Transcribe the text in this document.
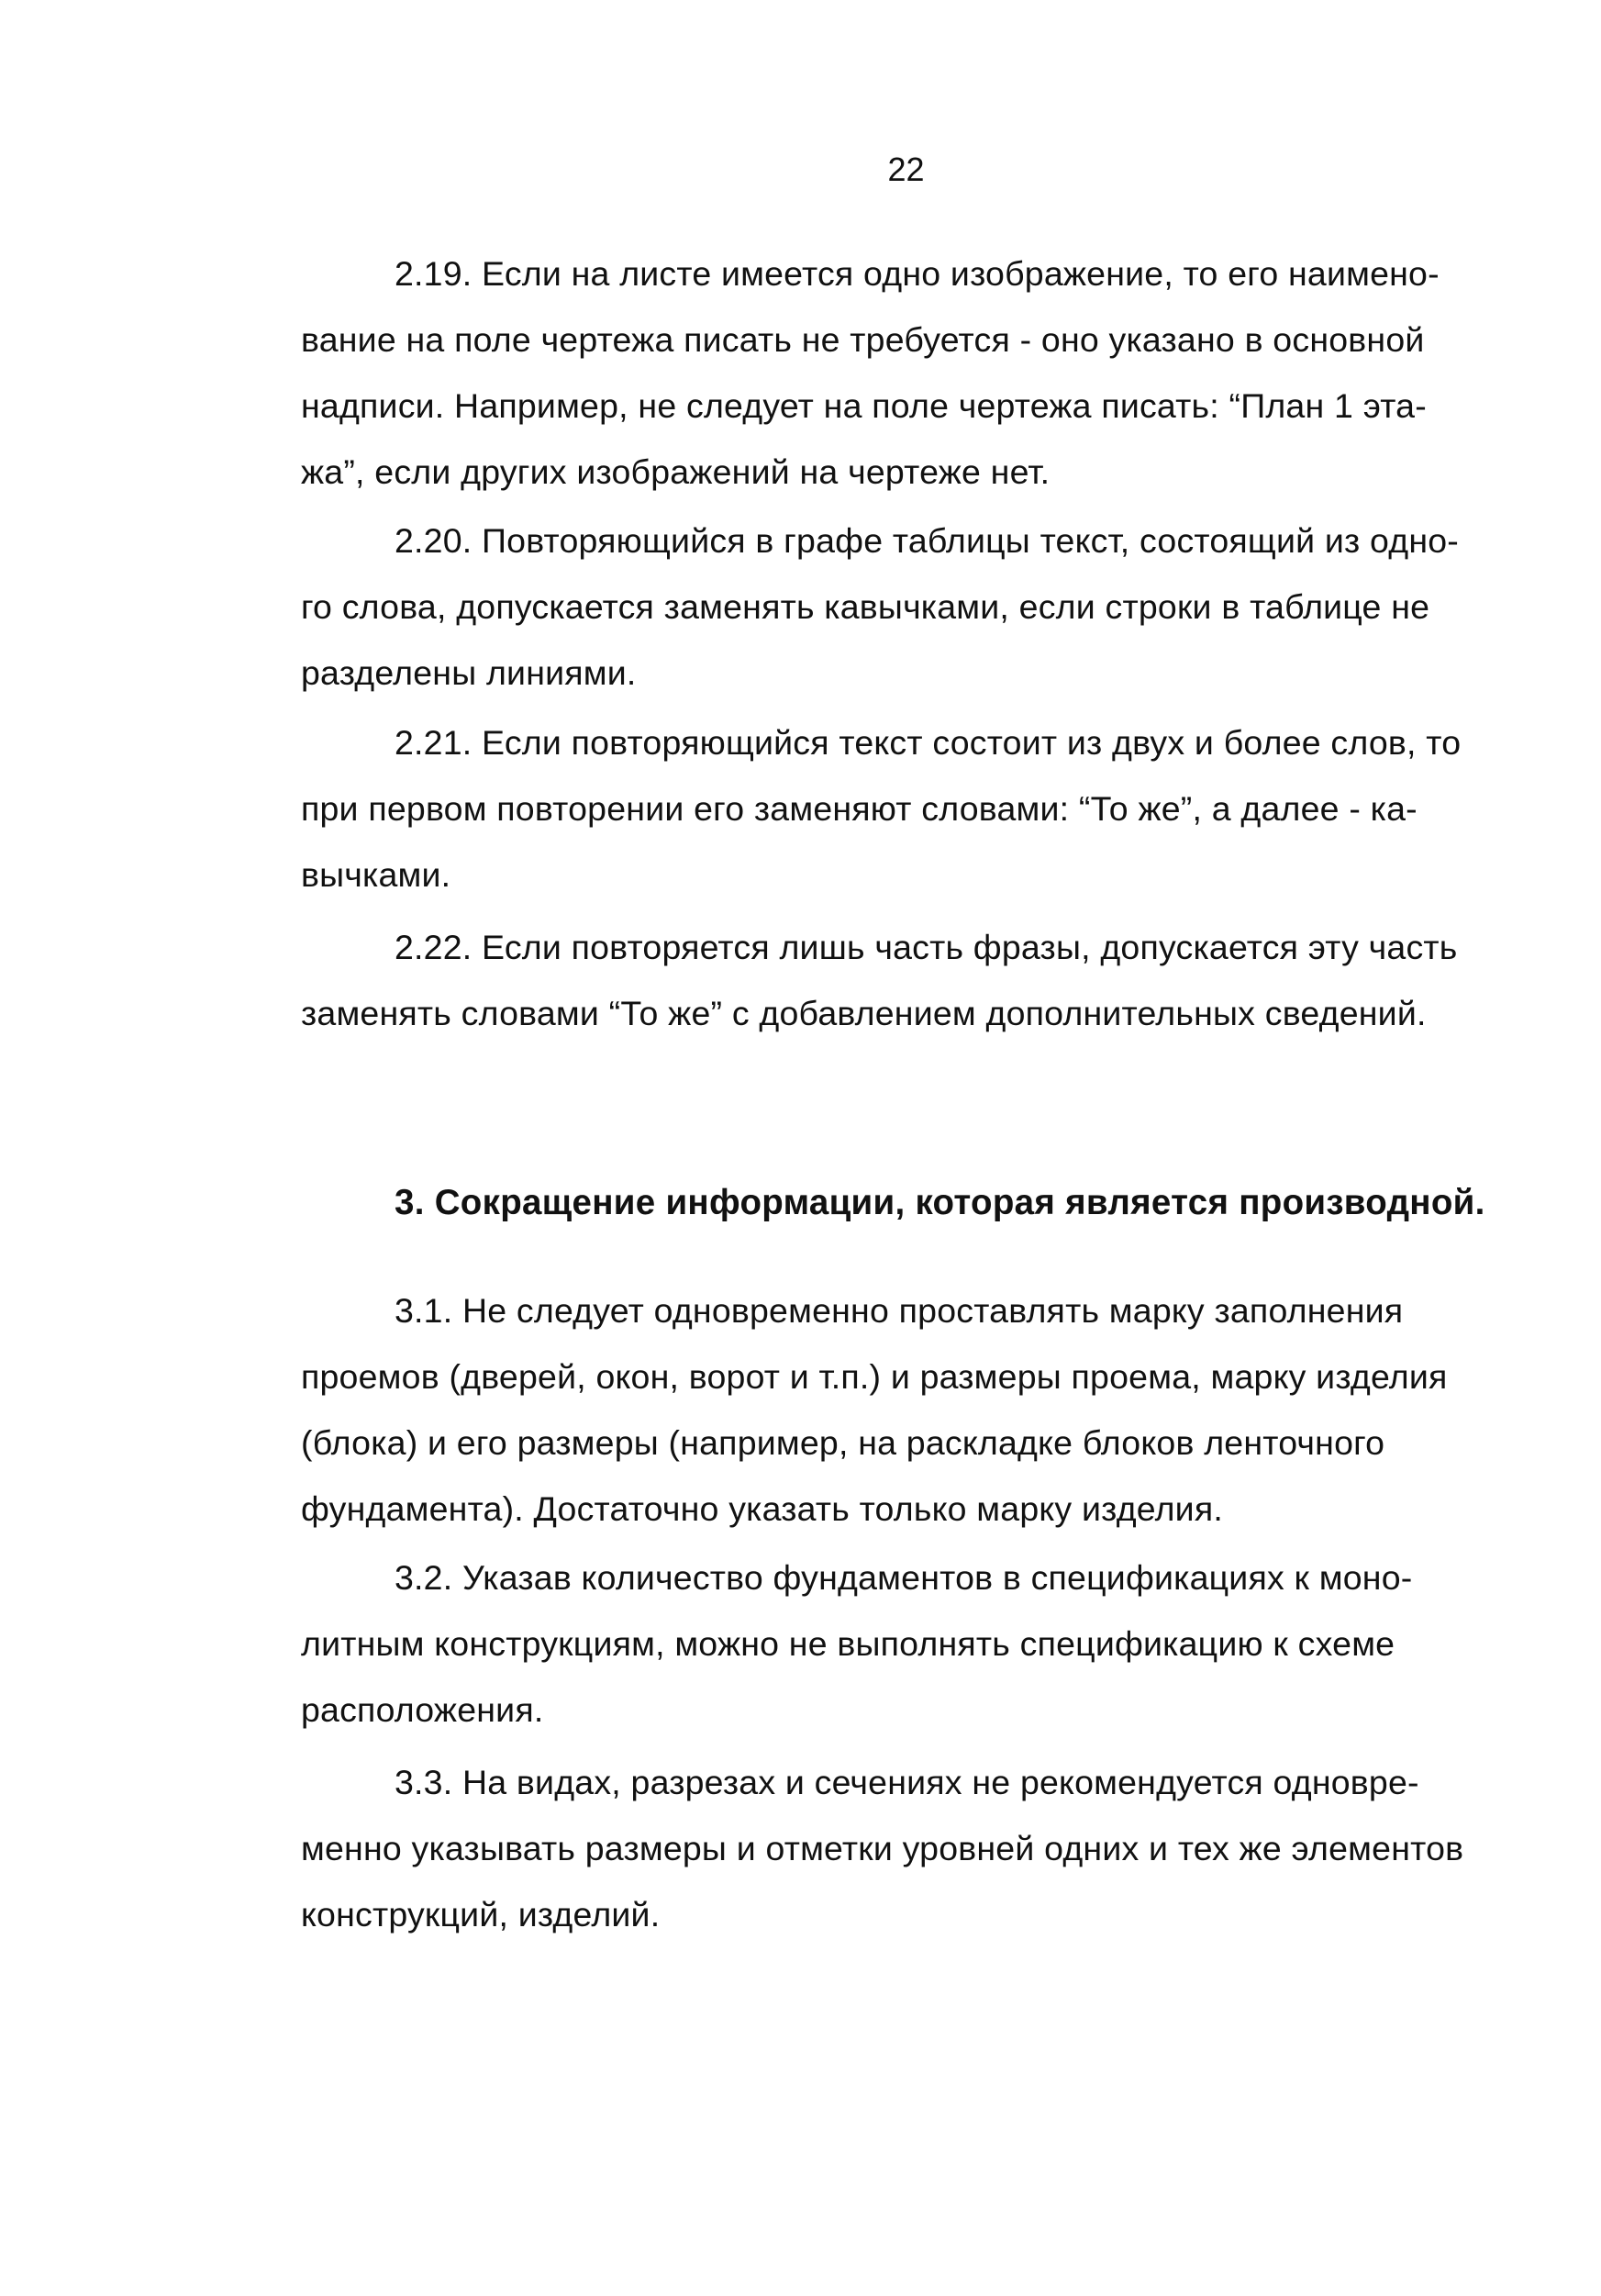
22

2.19. Если на листе имеется одно изображение, то его наимено-
вание на поле чертежа писать не требуется - оно указано в основной
надписи. Например, не следует на поле чертежа писать: “План 1 эта-
жа”, если других изображений на чертеже нет.

2.20. Повторяющийся в графе таблицы текст, состоящий из одно-
го слова, допускается заменять кавычками, если строки в таблице не
разделены линиями.

2.21. Если повторяющийся текст состоит из двух и более слов, то
при первом повторении его заменяют словами: “То же”, а далее - ка-
вычками.

2.22. Если повторяется лишь часть фразы, допускается эту часть
заменять словами “То же” с добавлением дополнительных сведений.

3. Сокращение информации, которая является производной.

3.1. Не следует одновременно проставлять марку заполнения
проемов (дверей, окон, ворот и т.п.) и размеры проема, марку изделия
(блока) и его размеры (например, на раскладке блоков ленточного
фундамента). Достаточно указать только марку изделия.

3.2. Указав количество фундаментов в спецификациях к моно-
литным конструкциям, можно не выполнять спецификацию к схеме
расположения.

3.3. На видах, разрезах и сечениях не рекомендуется одновре-
менно указывать размеры и отметки уровней одних и тех же элементов
конструкций, изделий.
